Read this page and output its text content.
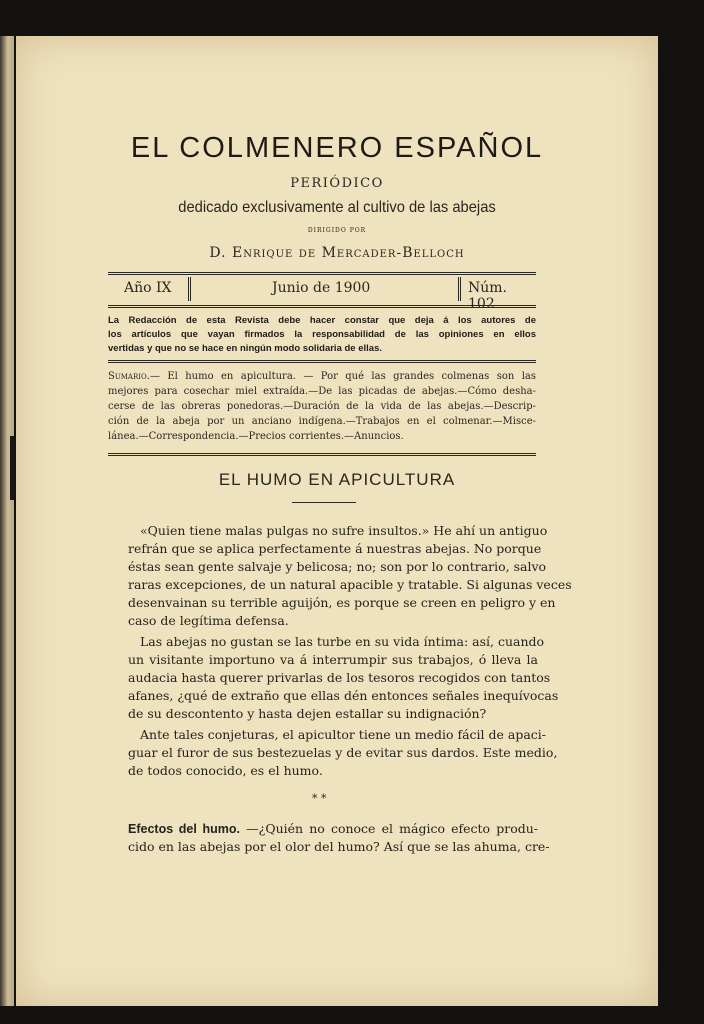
EL COLMENERO ESPAÑOL
PERIÓDICO
dedicado exclusivamente al cultivo de las abejas
DIRIGIDO POR
D. Enrique de Mercader-Belloch
Año IX	Junio de 1900	Núm. 102
La Redacción de esta Revista debe hacer constar que deja á los autores de
los artículos que vayan firmados la responsabilidad de las opiniones en ellos
vertidas y que no se hace en ningún modo solidaria de ellas.
Sumario.— El humo en apicultura. — Por qué las grandes colmenas son las
mejores para cosechar miel extraída.—De las picadas de abejas.—Cómo desha-
cerse de las obreras ponedoras.—Duración de la vida de las abejas.—Descrip-
ción de la abeja por un anciano indígena.—Trabajos en el colmenar.—Misce-
lánea.—Correspondencia.—Precios corrientes.—Anuncios.
EL HUMO EN APICULTURA
«Quien tiene malas pulgas no sufre insultos.» He ahí un antiguo
refrán que se aplica perfectamente á nuestras abejas. No porque
éstas sean gente salvaje y belicosa; no; son por lo contrario, salvo
raras excepciones, de un natural apacible y tratable. Si algunas veces
desenvainan su terrible aguijón, es porque se creen en peligro y en
caso de legítima defensa.
Las abejas no gustan se las turbe en su vida íntima: así, cuando
un visitante importuno va á interrumpir sus trabajos, ó lleva la
audacia hasta querer privarlas de los tesoros recogidos con tantos
afanes, ¿qué de extraño que ellas dén entonces señales inequívocas
de su descontento y hasta dejen estallar su indignación?
Ante tales conjeturas, el apicultor tiene un medio fácil de apaci-
guar el furor de sus bestezuelas y de evitar sus dardos. Este medio,
de todos conocido, es el humo.
* *
Efectos del humo. —¿Quién no conoce el mágico efecto produ-
cido en las abejas por el olor del humo? Así que se las ahuma, cre-
